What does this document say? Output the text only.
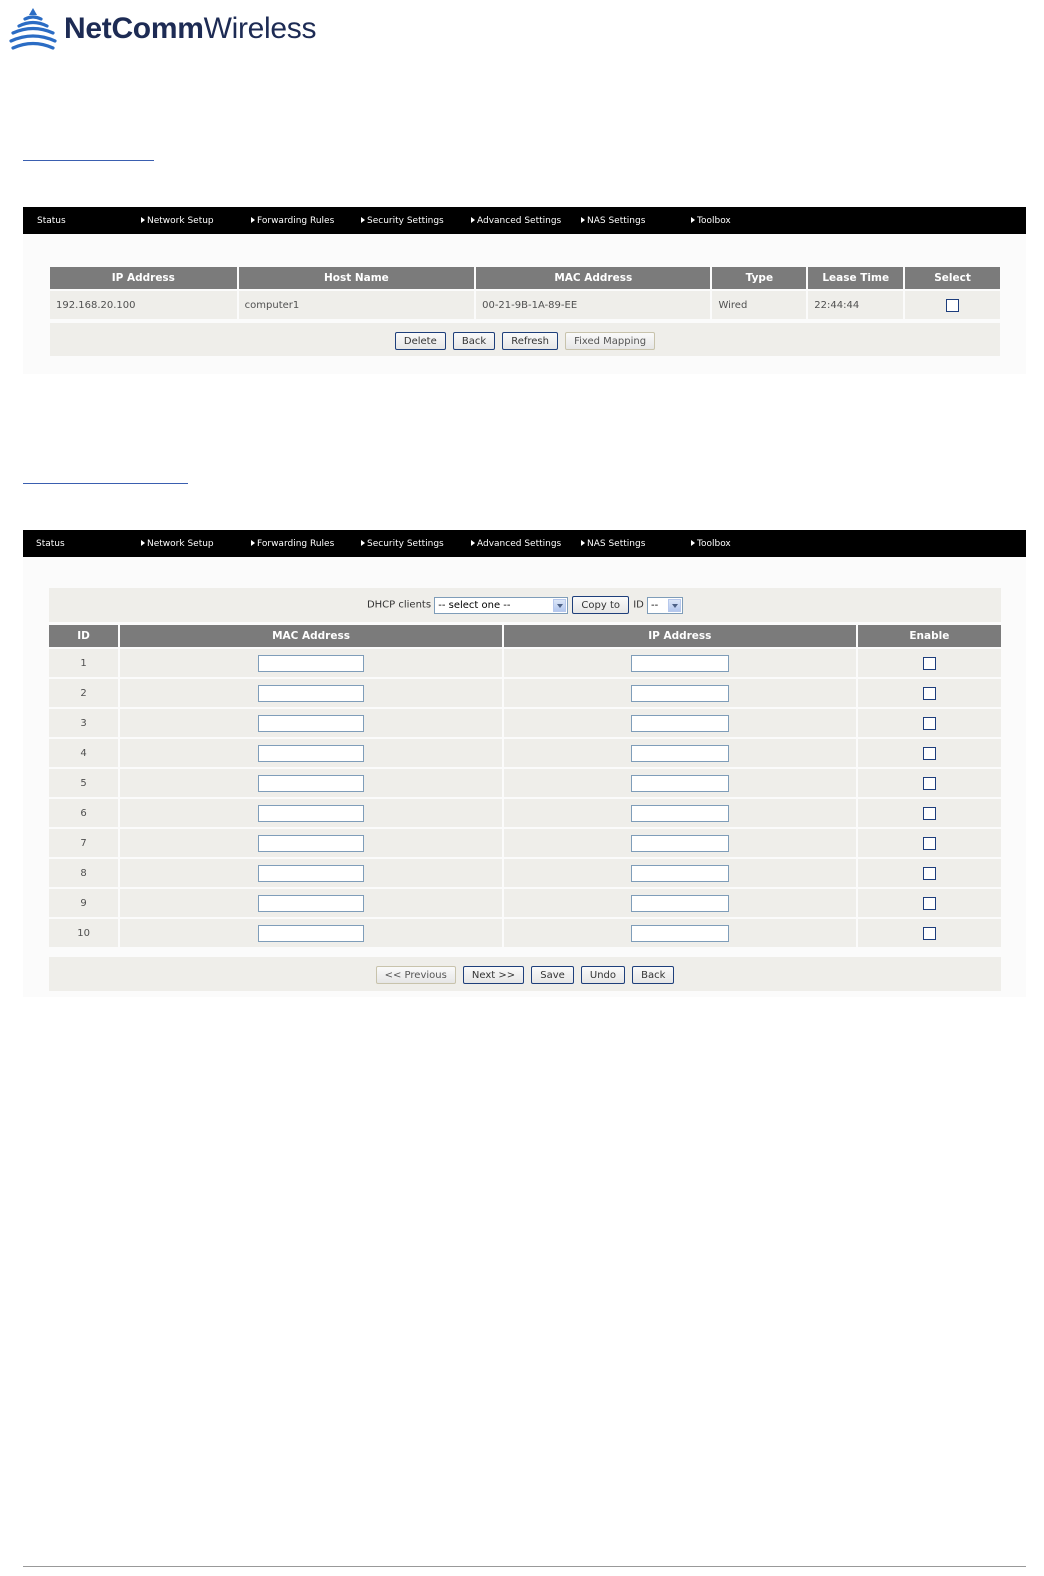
NetCommWireless
Status	Network Setup	Forwarding Rules	Security Settings	Advanced Settings	NAS Settings	Toolbox
IP Address	Host Name	MAC Address	Type	Lease Time	Select
192.168.20.100	computer1	00-21-9B-1A-89-EE	Wired	22:44:44	
Delete	Back	Refresh	Fixed Mapping
Status	Network Setup	Forwarding Rules	Security Settings	Advanced Settings	NAS Settings	Toolbox
DHCP clients -- select one --	Copy to ID --
ID	MAC Address	IP Address	Enable
1			
2			
3			
4			
5			
6			
7			
8			
9			
10			
<< Previous	Next >>	Save	Undo	Back
